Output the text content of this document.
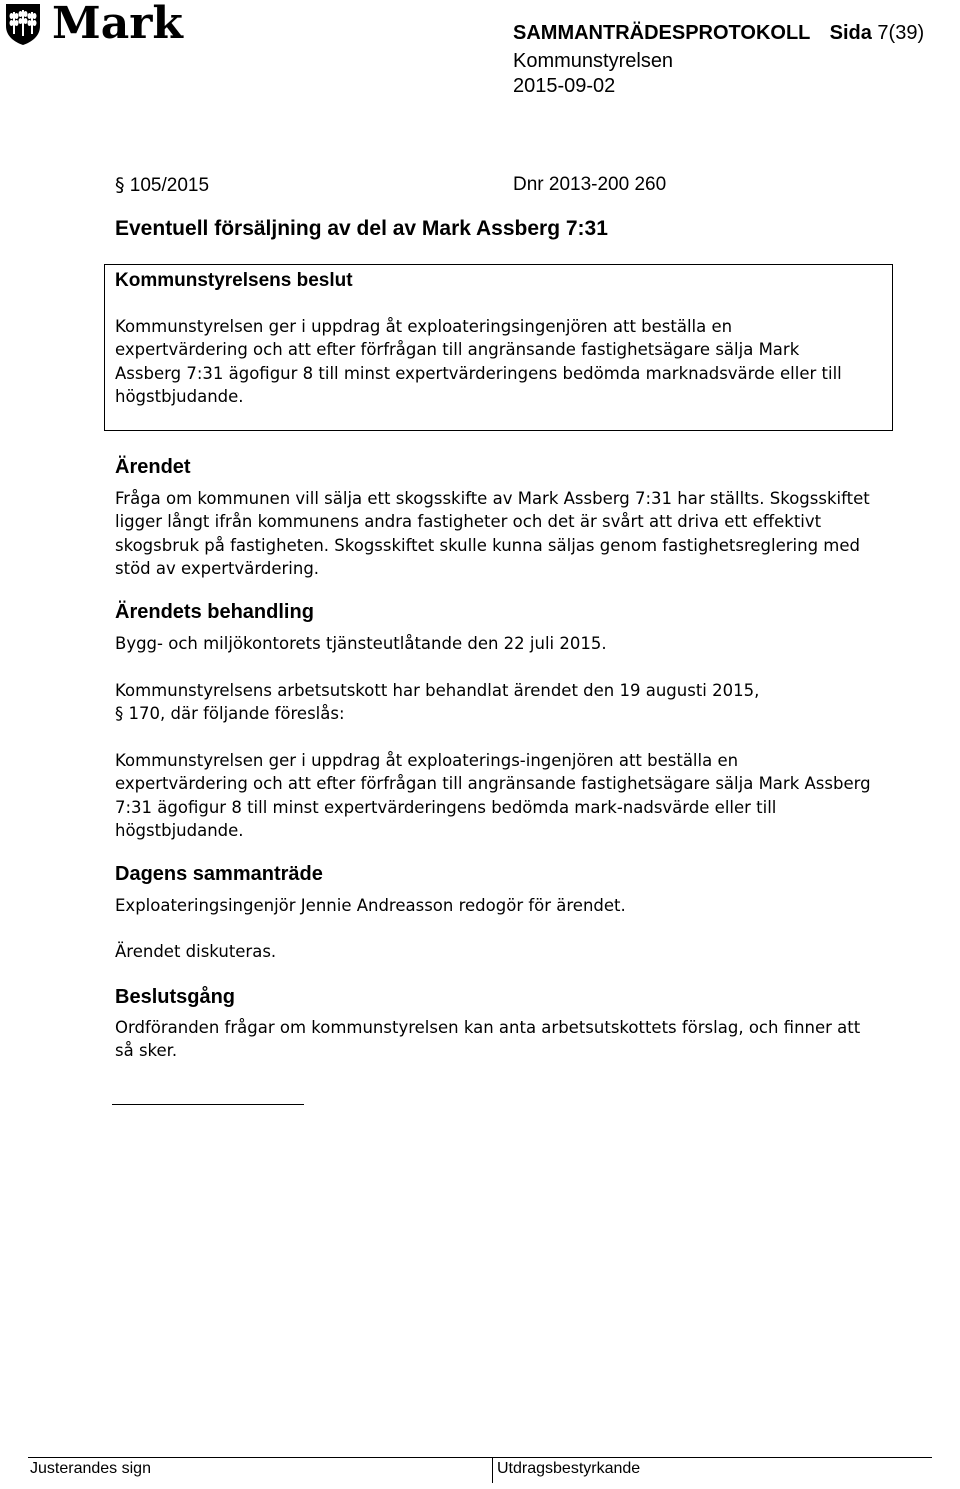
Mark	SAMMANTRÄDESPROTOKOLL Sida 7(39)
Kommunstyrelsen
2015-09-02
§ 105/2015	Dnr 2013-200 260
Eventuell försäljning av del av Mark Assberg 7:31
Kommunstyrelsens beslut
Kommunstyrelsen ger i uppdrag åt exploateringsingenjören att beställa en expertvärdering och att efter förfrågan till angränsande fastighetsägare sälja Mark Assberg 7:31 ägofigur 8 till minst expertvärderingens bedömda marknadsvärde eller till högstbjudande.
Ärendet
Fråga om kommunen vill sälja ett skogsskifte av Mark Assberg 7:31 har ställts. Skogsskiftet ligger långt ifrån kommunens andra fastigheter och det är svårt att driva ett effektivt skogsbruk på fastigheten. Skogsskiftet skulle kunna säljas genom fastighetsreglering med stöd av expertvärdering.
Ärendets behandling
Bygg- och miljökontorets tjänsteutlåtande den 22 juli 2015.
Kommunstyrelsens arbetsutskott har behandlat ärendet den 19 augusti 2015,
§ 170, där följande föreslås:
Kommunstyrelsen ger i uppdrag åt exploaterings-ingenjören att beställa en expertvärdering och att efter förfrågan till angränsande fastighetsägare sälja Mark Assberg 7:31 ägofigur 8 till minst expertvärderingens bedömda mark-nadsvärde eller till högstbjudande.
Dagens sammanträde
Exploateringsingenjör Jennie Andreasson redogör för ärendet.
Ärendet diskuteras.
Beslutsgång
Ordföranden frågar om kommunstyrelsen kan anta arbetsutskottets förslag, och finner att så sker.
Justerandes sign	Utdragsbestyrkande
